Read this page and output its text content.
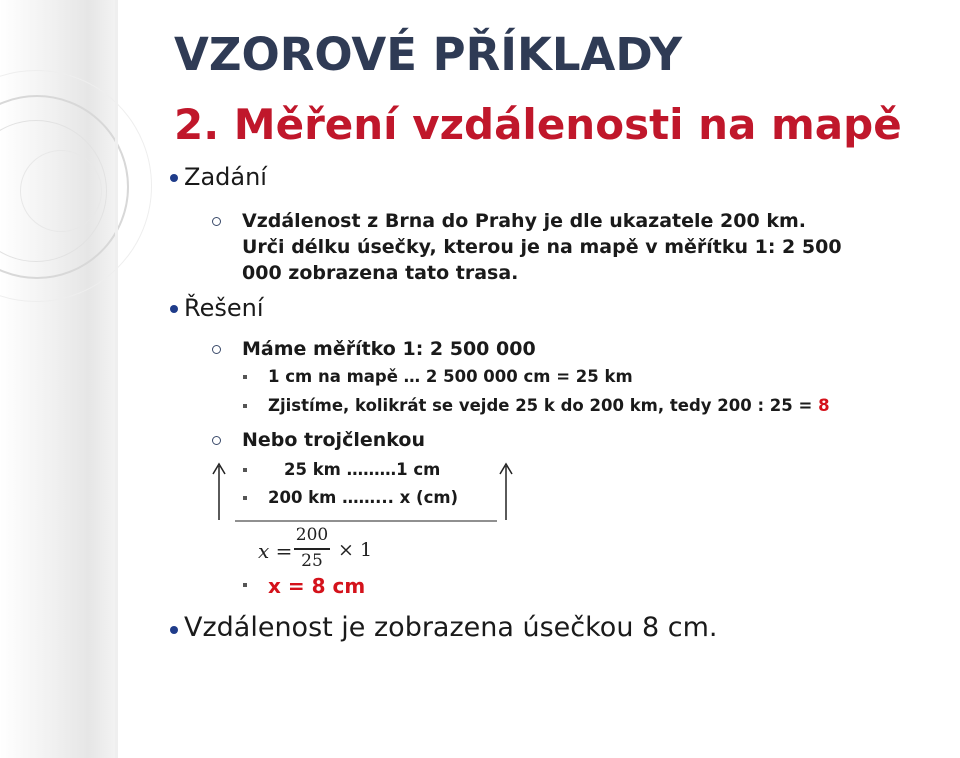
VZOROVÉ PŘÍKLADY
2. Měření vzdálenosti na mapě
Zadání
Vzdálenost z Brna do Prahy je dle ukazatele 200 km.
Urči délku úsečky, kterou je na mapě v měřítku 1: 2 500
000 zobrazena tato trasa.
Řešení
Máme měřítko 1: 2 500 000
1 cm na mapě … 2 500 000 cm = 25 km
Zjistíme, kolikrát se vejde 25 k do 200 km, tedy 200 : 25 = 8
Nebo trojčlenkou
25 km ………1 cm
200 km ……... x (cm)
x =
200
25 × 1
x = 8 cm
Vzdálenost je zobrazena úsečkou 8 cm.
